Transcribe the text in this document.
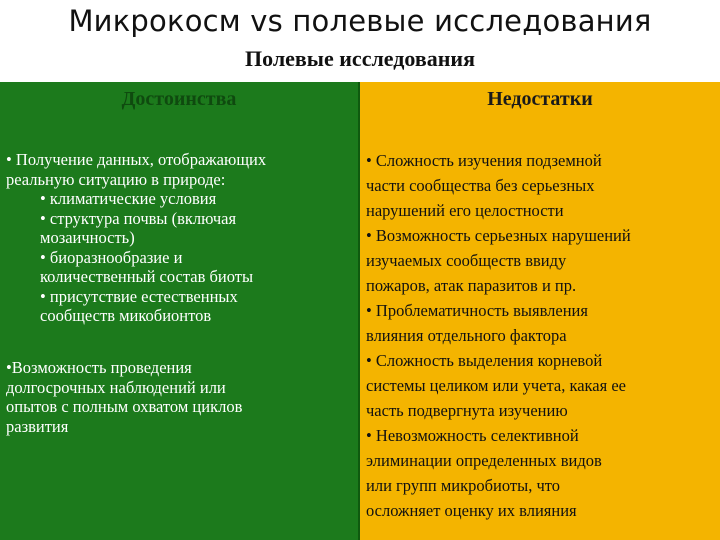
Микрокосм vs полевые исследования
Полевые исследования
Достоинства
• Получение данных, отображающих
реальную ситуацию в природе:
• климатические условия
• структура почвы (включая
мозаичность)
• биоразнообразие и
количественный состав биоты
• присутствие естественных
сообществ микобионтов
•Возможность проведения
долгосрочных наблюдений или
опытов с полным охватом циклов
развития
Недостатки
• Сложность изучения подземной
части сообщества без серьезных
нарушений его целостности
• Возможность серьезных нарушений
изучаемых сообществ ввиду
пожаров, атак паразитов и пр.
• Проблематичность выявления
влияния отдельного фактора
• Сложность выделения корневой
системы целиком или учета, какая ее
часть подвергнута изучению
• Невозможность селективной
элиминации определенных видов
или групп микробиоты, что
осложняет оценку их влияния
